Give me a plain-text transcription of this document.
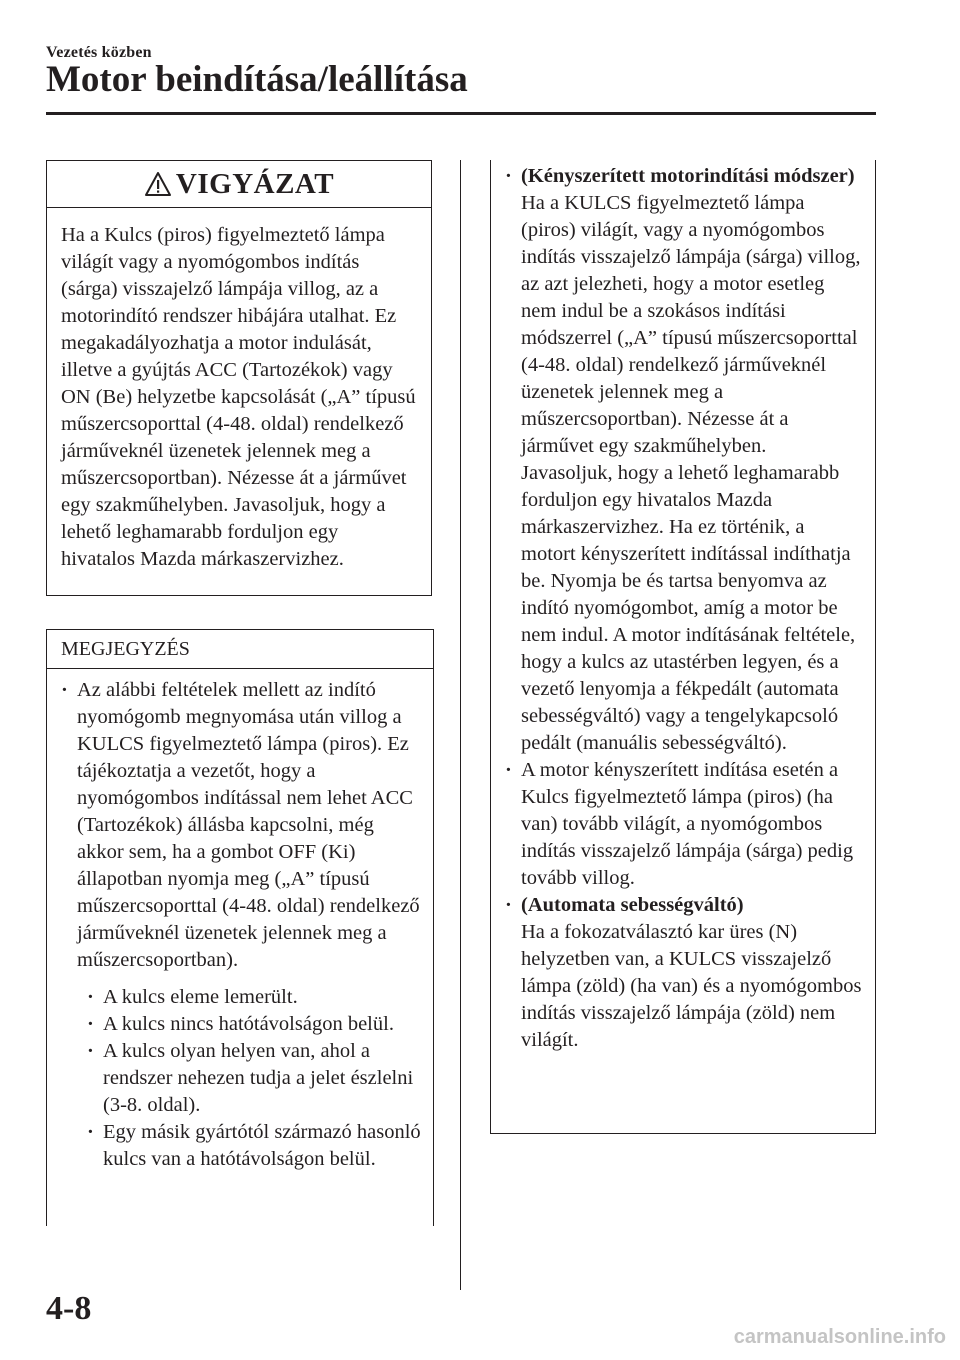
Vezetés közben
Motor beindítása/leállítása
VIGYÁZAT
Ha a Kulcs (piros) figyelmeztető lámpa világít vagy a nyomógombos indítás (sárga) visszajelző lámpája villog, az a motorindító rendszer hibájára utalhat. Ez megakadályozhatja a motor indulását, illetve a gyújtás ACC (Tartozékok) vagy ON (Be) helyzetbe kapcsolását („A” típusú műszercsoporttal (4-48. oldal) rendelkező járműveknél üzenetek jelennek meg a műszercsoportban). Nézesse át a járművet egy szakműhelyben. Javasoljuk, hogy a lehető leghamarabb forduljon egy hivatalos Mazda márkaszervizhez.
MEGJEGYZÉS
· Az alábbi feltételek mellett az indító nyomógomb megnyomása után villog a KULCS figyelmeztető lámpa (piros). Ez tájékoztatja a vezetőt, hogy a nyomógombos indítással nem lehet ACC (Tartozékok) állásba kapcsolni, még akkor sem, ha a gombot OFF (Ki) állapotban nyomja meg („A” típusú műszercsoporttal (4-48. oldal) rendelkező járműveknél üzenetek jelennek meg a műszercsoportban).
· A kulcs eleme lemerült.
· A kulcs nincs hatótávolságon belül.
· A kulcs olyan helyen van, ahol a rendszer nehezen tudja a jelet észlelni (3-8. oldal).
· Egy másik gyártótól származó hasonló kulcs van a hatótávolságon belül.
· (Kényszerített motorindítási módszer)
Ha a KULCS figyelmeztető lámpa (piros) világít, vagy a nyomógombos indítás visszajelző lámpája (sárga) villog, az azt jelezheti, hogy a motor esetleg nem indul be a szokásos indítási módszerrel („A” típusú műszercsoporttal (4-48. oldal) rendelkező járműveknél üzenetek jelennek meg a műszercsoportban). Nézesse át a járművet egy szakműhelyben. Javasoljuk, hogy a lehető leghamarabb forduljon egy hivatalos Mazda márkaszervizhez. Ha ez történik, a motort kényszerített indítással indíthatja be. Nyomja be és tartsa benyomva az indító nyomógombot, amíg a motor be nem indul. A motor indításának feltétele, hogy a kulcs az utastérben legyen, és a vezető lenyomja a fékpedált (automata sebességváltó) vagy a tengelykapcsoló pedált (manuális sebességváltó).
· A motor kényszerített indítása esetén a Kulcs figyelmeztető lámpa (piros) (ha van) tovább világít, a nyomógombos indítás visszajelző lámpája (sárga) pedig tovább villog.
· (Automata sebességváltó)
Ha a fokozatválasztó kar üres (N) helyzetben van, a KULCS visszajelző lámpa (zöld) (ha van) és a nyomógombos indítás visszajelző lámpája (zöld) nem világít.
4-8
carmanualsonline.info
